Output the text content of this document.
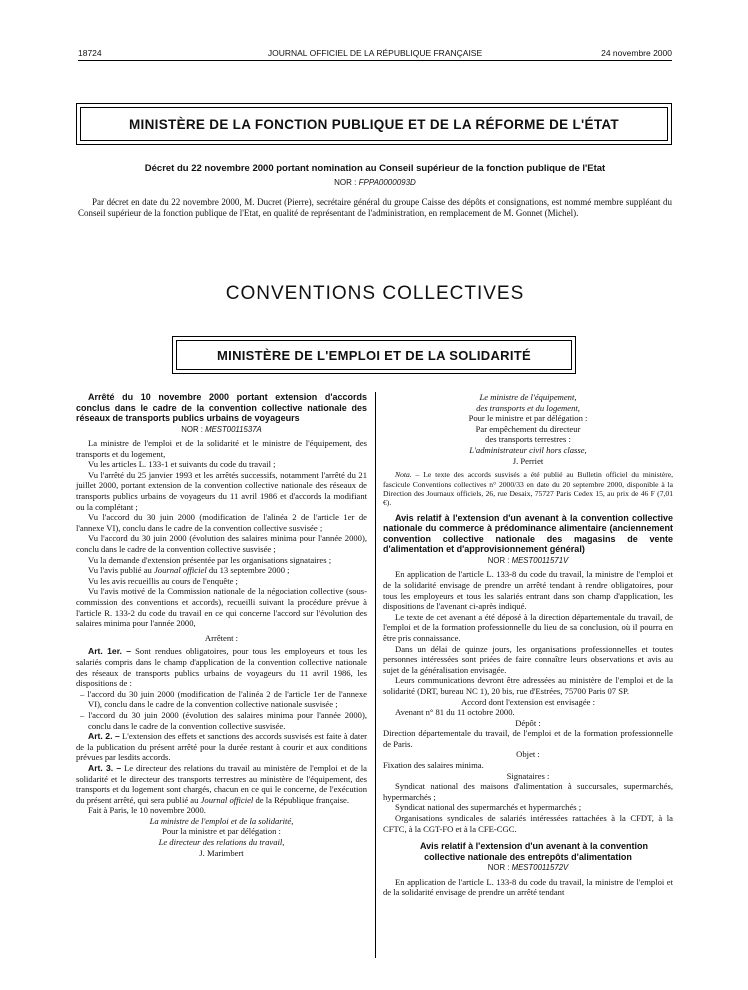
18724	JOURNAL OFFICIEL DE LA RÉPUBLIQUE FRANÇAISE	24 novembre 2000
MINISTÈRE DE LA FONCTION PUBLIQUE ET DE LA RÉFORME DE L'ÉTAT
Décret du 22 novembre 2000 portant nomination au Conseil supérieur de la fonction publique de l'Etat
NOR : FPPA0000093D
Par décret en date du 22 novembre 2000, M. Ducret (Pierre), secrétaire général du groupe Caisse des dépôts et consignations, est nommé membre suppléant du Conseil supérieur de la fonction publique de l'Etat, en qualité de représentant de l'administration, en remplacement de M. Gonnet (Michel).
CONVENTIONS COLLECTIVES
MINISTÈRE DE L'EMPLOI ET DE LA SOLIDARITÉ

Arrêté du 10 novembre 2000 portant extension d'accords conclus dans le cadre de la convention collective nationale des réseaux de transports publics urbains de voyageurs

NOR : MEST0011537A

La ministre de l'emploi et de la solidarité et le ministre de l'équipement, des transports et du logement,

Vu les articles L. 133-1 et suivants du code du travail ;

Vu l'arrêté du 25 janvier 1993 et les arrêtés successifs, notamment l'arrêté du 21 juillet 2000, portant extension de la convention collective nationale des réseaux de transports publics urbains de voyageurs du 11 avril 1986 et d'accords la modifiant ou la complétant ;

Vu l'accord du 30 juin 2000 (modification de l'alinéa 2 de l'article 1er de l'annexe VI), conclu dans le cadre de la convention collective susvisée ;

Vu l'accord du 30 juin 2000 (évolution des salaires minima pour l'année 2000), conclu dans le cadre de la convention collective susvisée ;

Vu la demande d'extension présentée par les organisations signataires ;

Vu l'avis publié au Journal officiel du 13 septembre 2000 ;

Vu les avis recueillis au cours de l'enquête ;

Vu l'avis motivé de la Commission nationale de la négociation collective (sous-commission des conventions et accords), recueilli suivant la procédure prévue à l'article R. 133-2 du code du travail en ce qui concerne l'accord sur l'évolution des salaires minima pour l'année 2000,

Arrêtent :

Art. 1er. – Sont rendues obligatoires, pour tous les employeurs et tous les salariés compris dans le champ d'application de la convention collective nationale des réseaux de transports publics urbains de voyageurs du 11 avril 1986, les dispositions de :

– l'accord du 30 juin 2000 (modification de l'alinéa 2 de l'article 1er de l'annexe VI), conclu dans le cadre de la convention collective nationale susvisée ;

– l'accord du 30 juin 2000 (évolution des salaires minima pour l'année 2000), conclu dans le cadre de la convention collective susvisée.

Art. 2. – L'extension des effets et sanctions des accords susvisés est faite à dater de la publication du présent arrêté pour la durée restant à courir et aux conditions prévues par lesdits accords.

Art. 3. – Le directeur des relations du travail au ministère de l'emploi et de la solidarité et le directeur des transports terrestres au ministère de l'équipement, des transports et du logement sont chargés, chacun en ce qui le concerne, de l'exécution du présent arrêté, qui sera publié au Journal officiel de la République française.

Fait à Paris, le 10 novembre 2000.

La ministre de l'emploi et de la solidarité,

Pour la ministre et par délégation :

Le directeur des relations du travail,

J. Marimbert

Le ministre de l'équipement,

des transports et du logement,

Pour le ministre et par délégation :

Par empêchement du directeur

des transports terrestres :

L'administrateur civil hors classe,

J. Perriet

Nota. – Le texte des accords susvisés a été publié au Bulletin officiel du ministère, fascicule Conventions collectives n° 2000/33 en date du 20 septembre 2000, disponible à la Direction des Journaux officiels, 26, rue Desaix, 75727 Paris Cedex 15, au prix de 46 F (7,01 €).

Avis relatif à l'extension d'un avenant à la convention collective nationale du commerce à prédominance alimentaire (anciennement convention collective nationale des magasins de vente d'alimentation et d'approvisionnement général)

NOR : MEST0011571V

En application de l'article L. 133-8 du code du travail, la ministre de l'emploi et de la solidarité envisage de prendre un arrêté tendant à rendre obligatoires, pour tous les employeurs et tous les salariés entrant dans son champ d'application, les dispositions de l'avenant ci-après indiqué.

Le texte de cet avenant a été déposé à la direction départementale du travail, de l'emploi et de la formation professionnelle du lieu de sa conclusion, où il pourra en être pris connaissance.

Dans un délai de quinze jours, les organisations professionnelles et toutes personnes intéressées sont priées de faire connaître leurs observations et avis au sujet de la généralisation envisagée.

Leurs communications devront être adressées au ministère de l'emploi et de la solidarité (DRT, bureau NC 1), 20 bis, rue d'Estrées, 75700 Paris 07 SP.

Accord dont l'extension est envisagée :

Avenant n° 81 du 11 octobre 2000.

Dépôt :

Direction départementale du travail, de l'emploi et de la formation professionnelle de Paris.

Objet :

Fixation des salaires minima.

Signataires :

Syndicat national des maisons d'alimentation à succursales, supermarchés, hypermarchés ;

Syndicat national des supermarchés et hypermarchés ;

Organisations syndicales de salariés intéressées rattachées à la CFDT, à la CFTC, à la CGT-FO et à la CFE-CGC.

Avis relatif à l'extension d'un avenant à la convention collective nationale des entrepôts d'alimentation

NOR : MEST0011572V

En application de l'article L. 133-8 du code du travail, la ministre de l'emploi et de la solidarité envisage de prendre un arrêté tendant
